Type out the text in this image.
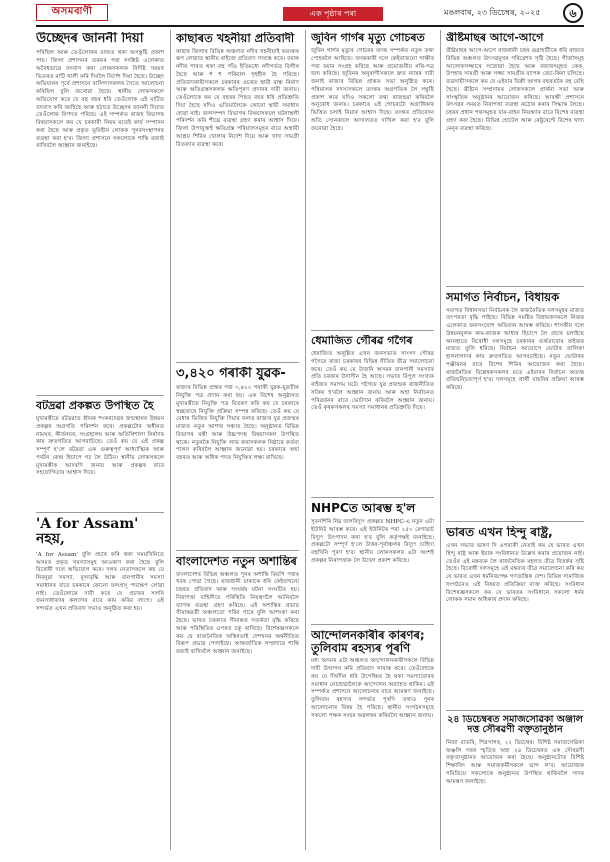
অসমবাণী	এক পৃষ্ঠাৰ পৰা	মঙলবাৰ, ২৩ ডিচেম্বৰ, ২০২৫	৬
উচ্ছেদৰ জাননী দিয়া
পৰিছিল আৰু তেওঁলোকৰ মাজত থকা অসন্তুষ্টি প্ৰকাশ পায়। জিলা প্ৰশাসনৰ তৰফৰ পৰা সংশ্লিষ্ট এলেকাত অবৈধভাৱে বসবাস কৰা লোকসকলক নিৰ্দিষ্ট সময়ৰ ভিতৰত মাটি খালী কৰি দিবলৈ নিৰ্দেশ দিয়া হৈছে। উচ্ছেদ অভিযানৰ পূৰ্বে প্ৰশাসনে বাসিন্দাসকলৰ সৈতে আলোচনা কৰিছিল বুলি জনোৱা হৈছে। স্থানীয় লোকসকলে অভিযোগ কৰে যে বহু বছৰ ধৰি তেওঁলোক এই মাটিত বসবাস কৰি আহিছে আৰু হঠাতে উচ্ছেদৰ জাননী দিয়াত তেওঁলোক বিপদত পৰিছে। এই সম্পৰ্কত ৰাজহ বিভাগৰ বিষয়াসকলে কয় যে চৰকাৰী নিয়ম মতেই কাৰ্য সম্পাদন কৰা হৈছে আৰু প্ৰকৃত ভূমিহীন লোকক পুনৰসংস্থাপনৰ ব্যৱস্থা কৰা হ'ব। জিলা প্ৰশাসনে সকলোকে শান্তি বজাই ৰাখিবলৈ আহ্বান জনাইছে।
বটদ্ৰৱা প্ৰকল্পত উপস্থিত হৈ
মুখ্যমন্ত্ৰীয়ে বটদ্ৰৱাত শ্ৰীমন্ত শংকৰদেৱৰ জন্মস্থানৰ উন্নয়ন প্ৰকল্পৰ অগ্ৰগতি পৰিদৰ্শন কৰে। প্ৰকল্পটোৰ অধীনত নামঘৰ, কীৰ্তনঘৰ, সংগ্ৰহালয় আৰু অতিথিশালা নিৰ্মাণৰ কাম দ্ৰুতগতিত আগবাঢ়িছে। তেওঁ কয় যে এই প্ৰকল্প সম্পূৰ্ণ হ'লে বটদ্ৰৱা এক গুৰুত্বপূৰ্ণ আধ্যাত্মিক আৰু পৰ্যটন কেন্দ্ৰ হিচাপে গঢ় লৈ উঠিব। স্থানীয় লোকসকলে মুখ্যমন্ত্ৰীক আদৰণি জনায় আৰু প্ৰকল্পৰ বাবে সহযোগিতাৰ আশ্বাস দিয়ে।
'A for Assam' নহয়,
'A for Assam' বুলি প্ৰচাৰ কৰি থকা সময়খিনিতে অসমৰ প্ৰকৃত সমস্যাসমূহ আওকাণ কৰা হৈছে বুলি বিৰোধী দলে অভিযোগ কৰে। দলৰ নেতাসকলে কয় যে নিবনুৱা সমস্যা, মূল্যবৃদ্ধি আৰু বানপানীৰ সমস্যা সমাধানৰ বাবে চৰকাৰে কোনো ফলপ্ৰসূ পদক্ষেপ লোৱা নাই। তেওঁলোকে দাবী কৰে যে প্ৰচাৰৰ সলনি জনসাধাৰণৰ কল্যাণৰ বাবে কাম কৰিব লাগে। এই সন্দৰ্ভত এখন প্ৰতিবাদ সভাও অনুষ্ঠিত কৰা হয়।
কাছাৰত খহনীয়া প্ৰতিবাদী
কাছাৰ জিলাৰ বিভিন্ন অঞ্চলত নদীৰ খহনীয়াই ভয়ংকৰ ৰূপ লোৱাত স্থানীয় ৰাইজে প্ৰতিবাদ সাব্যস্ত কৰে। বৰাক নদীৰ পাৰত থকা বহু গাঁও ইতিমধ্যে নদীগৰ্ভত বিলীন হৈছে আৰু শ শ পৰিয়াল গৃহহীন হৈ পৰিছে। প্ৰতিবাদকাৰীসকলে চৰকাৰৰ ওচৰত স্থায়ী বান্ধ নিৰ্মাণ আৰু ক্ষতিগ্ৰস্তসকলক ক্ষতিপূৰণ প্ৰদানৰ দাবী জনায়। তেওঁলোকে কয় যে বছৰৰ পিছত বছৰ ধৰি প্ৰতিশ্ৰুতি দিয়া হৈছে যদিও এতিয়ালৈকে কোনো স্থায়ী সমাধান হোৱা নাই। জলসম্পদ বিভাগৰ বিষয়াসকলে ঘটনাস্থলী পৰিদৰ্শন কৰি শীঘ্ৰে ব্যৱস্থা গ্ৰহণ কৰাৰ আশ্বাস দিয়ে। জিলা উপায়ুক্তই ক্ষতিগ্ৰস্ত পৰিয়ালসমূহৰ বাবে অস্থায়ী আশ্ৰয় শিবিৰ খোলাৰ নিৰ্দেশ দিয়ে আৰু খাদ্য সামগ্ৰী বিতৰণৰ ব্যৱস্থা কৰে।
৩,৪২০ গৰাকী যুৱক-
ৰাজ্যৰ বিভিন্ন প্ৰান্তৰ পৰা ৩,৪২০ গৰাকী যুৱক-যুৱতীক নিযুক্তি পত্ৰ প্ৰদান কৰা হয়। এক বিশেষ অনুষ্ঠানত মুখ্যমন্ত্ৰীয়ে নিযুক্তি পত্ৰ বিতৰণ কৰি কয় যে চৰকাৰে স্বচ্ছতাৰে নিযুক্তি প্ৰক্ৰিয়া সম্পন্ন কৰিছে। তেওঁ কয় যে মেধাৰ ভিত্তিত নিযুক্তি দিয়াৰ ফলত ৰাজ্যৰ যুৱ প্ৰজন্মৰ মাজত নতুন আশাৰ সঞ্চাৰ হৈছে। অনুষ্ঠানত বিভিন্ন বিভাগৰ মন্ত্ৰী আৰু উচ্চপদস্থ বিষয়াসকল উপস্থিত থাকে। নতুনকৈ নিযুক্তি লাভ কৰাসকলক নিষ্ঠাৰে কৰ্তব্য পালন কৰিবলৈ আহ্বান জনোৱা হয়। চৰকাৰে অহা বছৰত আৰু অধিক পদত নিযুক্তিৰ লক্ষ্য ৰাখিছে।
বাংলাদেশত নতুন অশান্তিৰ
বাংলাদেশৰ বিভিন্ন অঞ্চলত পুনৰ অশান্তি বিয়পি পৰাৰ খবৰ পোৱা গৈছে। ৰাজধানী ঢাকাকে ধৰি কেইবাখনো চহৰত প্ৰতিবাদ আৰু সংঘৰ্ষৰ ঘটনা সংঘটিত হয়। নিৰাপত্তা বাহিনীয়ে পৰিস্থিতি নিয়ন্ত্ৰণলৈ আনিবলৈ ব্যাপক ব্যৱস্থা গ্ৰহণ কৰিছে। এই অশান্তিৰ প্ৰভাৱ সীমান্তৱৰ্তী অঞ্চলতো পৰিব পাৰে বুলি আশংকা কৰা হৈছে। ভাৰত চৰকাৰে সীমান্তত সতৰ্কতা বৃদ্ধি কৰিছে আৰু পৰিস্থিতিৰ ওপৰত চকু ৰাখিছে। বিশেষজ্ঞসকলে কয় যে ৰাজনৈতিক অস্থিৰতাই দেশখনৰ অৰ্থনীতিত বিৰূপ প্ৰভাৱ পেলাইছে। আন্তৰ্জাতিক সম্প্ৰদায়ে শান্তি বজাই ৰাখিবলৈ আহ্বান জনাইছে।
জুবিন গাৰ্গৰ মৃত্যু গোচৰত
জুবিন গাৰ্গৰ মৃত্যুৰ গোচৰৰ তদন্ত সম্পৰ্কত নতুন তথ্য পোহৰলৈ আহিছে। তদন্তকাৰী দলে কেইবাজনো সাক্ষীৰ পৰা বয়ান সংগ্ৰহ কৰিছে আৰু প্ৰয়োজনীয় নথি-পত্ৰ জব্দ কৰিছে। জুবিনৰ অনুৰাগীসকলে দ্ৰুত ন্যায়ৰ দাবী জনাই ৰাজ্যৰ বিভিন্ন প্ৰান্তত সভা অনুষ্ঠিত কৰে। পৰিয়ালৰ সদস্যসকলে তদন্তৰ অগ্ৰগতিক লৈ সন্তুষ্টি প্ৰকাশ কৰে যদিও সকলো তথ্য ৰাজহুৱা কৰিবলৈ অনুৰোধ জনায়। চৰকাৰে এই গোচৰটো অগ্ৰাধিকাৰ ভিত্তিত চলাই নিয়াৰ আশ্বাস দিছে। তদন্তৰ প্ৰতিবেদন অতি সোনকালে আদালতত দাখিল কৰা হ'ব বুলি জনোৱা হৈছে।
ধেমাজিত গৌৰৱ গগৈৰ
ধেমাজিত অনুষ্ঠিত এখন জনসভাত সাংসদ গৌৰৱ গগৈয়ে ৰাজ্য চৰকাৰৰ বিভিন্ন নীতিৰ তীব্ৰ সমালোচনা কৰে। তেওঁ কয় যে উজনি অসমৰ বানপানী সমস্যাৰ প্ৰতি চৰকাৰ উদাসীন হৈ আছে। সভাত বিপুল সংখ্যক ৰাইজৰ সমাগম ঘটে। গগৈয়ে যুৱ প্ৰজন্মক ৰাজনীতিত সক্ৰিয় হ'বলৈ আহ্বান জনায় আৰু অহা নিৰ্বাচনত পৰিৱৰ্তনৰ বাবে ভোটদান কৰিবলৈ আহ্বান জনায়। তেওঁ কৃষকসকলৰ সমস্যা সমাধানৰ প্ৰতিশ্ৰুতি দিয়ে।
NHPCত আৰম্ভ হ'ল
সুবনশিৰি নিম্ন জলবিদ্যুৎ প্ৰকল্পত NHPC-এ নতুন এটা ইউনিট আৰম্ভ কৰে। এই ইউনিটৰ পৰা ২৫০ মেগাৱাট বিদ্যুৎ উৎপাদন কৰা হ'ব বুলি কৰ্তৃপক্ষই জনাইছে। প্ৰকল্পটো সম্পূৰ্ণ হ'লে উত্তৰ-পূৰ্বাঞ্চলৰ বিদ্যুৎ চাহিদা বহুখিনি পূৰণ হ'ব। স্থানীয় লোকসকলৰ এটা অংশই প্ৰকল্পৰ নিৰাপত্তাক লৈ উদ্বেগ প্ৰকাশ কৰিছে।
আন্দোলনকাৰীৰ কাৰণৰ; তুলিবাম ৰহস্যৰ পূৰণি
মধ্য অসমৰ এটা অঞ্চলত আন্দোলনকাৰীসকলে বিভিন্ন দাবী উত্থাপন কৰি প্ৰতিবাদ সাব্যস্ত কৰে। তেওঁলোকে কয় যে দীৰ্ঘদিন ধৰি উপেক্ষিত হৈ থকা সমস্যাবোৰৰ সমাধান নোহোৱালৈকে আন্দোলন অব্যাহত থাকিব। এই সম্পৰ্কত প্ৰশাসনে আলোচনাৰ বাবে আমন্ত্ৰণ জনাইছে। তুলিবাম ৰহস্যৰ সন্দৰ্ভত পুৰণি তথ্যও পুনৰ আলোচনাৰ বিষয় হৈ পৰিছে। স্থানীয় সংগঠনসমূহে সকলো পক্ষক সংযম অৱলম্বন কৰিবলৈ আহ্বান জনায়।
খ্ৰীষ্টমাছৰ আগে-আগে
খ্ৰীষ্টমাছৰ আগে-আগে ৰাজধানী চহৰ গুৱাহাটীকে ধৰি ৰাজ্যৰ বিভিন্ন অঞ্চলত উৎসৱমুখৰ পৰিৱেশৰ সৃষ্টি হৈছে। গীৰ্জাসমূহ আলোকসজ্জাৰে সজোৱা হৈছে আৰু বজাৰসমূহত কেক, উপহাৰ সামগ্ৰী আৰু সজ্জা সামগ্ৰীৰ ব্যাপক বেচা-কিনা চলিছে। ব্যৱসায়ীসকলে কয় যে এইবাৰ বিক্ৰী আগৰ বছৰতকৈ বহু বেছি হৈছে। খ্ৰীষ্টান সম্প্ৰদায়ৰ লোকসকলে প্ৰাৰ্থনা সভা আৰু সাংস্কৃতিক অনুষ্ঠানৰ আয়োজন কৰিছে। আৰক্ষী প্ৰশাসনে উৎসৱৰ সময়ত নিৰাপত্তা ব্যৱস্থা কঠোৰ কৰাৰ সিদ্ধান্ত লৈছে। চহৰৰ প্ৰধান পথসমূহত যান-বাহন নিয়ন্ত্ৰণৰ বাবে বিশেষ ব্যৱস্থা গ্ৰহণ কৰা হৈছে। বিভিন্ন হোটেল আৰু ৰেষ্টুৰেণ্টে বিশেষ খাদ্য মেনুৰ ব্যৱস্থা কৰিছে।
সমাগত নিৰ্বাচন, বিধায়ক
সমাগত বিধানসভা নিৰ্বাচনক লৈ ৰাজনৈতিক দলসমূহৰ মাজত তৎপৰতা বৃদ্ধি পাইছে। বিভিন্ন সমষ্টিৰ বিধায়কসকলে নিজৰ এলেকাত জনসংযোগ অভিযান আৰম্ভ কৰিছে। শাসকীয় দলে উন্নয়নমূলক কাম-কাজক আধাৰ হিচাপে লৈ প্ৰচাৰ চলাইছে আনহাতে বিৰোধী দলসমূহে চৰকাৰৰ ব্যৰ্থতাবোৰ ৰাইজৰ মাজত তুলি ধৰিছে। নিৰ্বাচন আয়োগে ভোটাৰ তালিকা হালনাগাদৰ কাম দ্ৰুতগতিত আগবঢ়াইছে। নতুন ভোটাৰৰ পঞ্জীয়নৰ বাবে বিশেষ শিবিৰ আয়োজন কৰা হৈছে। ৰাজনৈতিক বিশ্লেষকসকলৰ মতে এইবাৰৰ নিৰ্বাচন অত্যন্ত প্ৰতিদ্বন্দ্বিতাপূৰ্ণ হ'ব। দলসমূহে প্ৰাৰ্থী বাছনিৰ প্ৰক্ৰিয়া আৰম্ভ কৰিছে।
ভাৰত এখন হিন্দু ৰাষ্ট্ৰ,
এখন সভাত ভাষণ দি এগৰাকী নেতাই কয় যে ভাৰত এখন হিন্দু ৰাষ্ট্ৰ আৰু ইয়াক সংবিধানত উল্লেখ কৰাৰ প্ৰয়োজন নাই। তেওঁৰ এই মন্তব্যক লৈ ৰাজনৈতিক মহলত তীব্ৰ বিতৰ্কৰ সৃষ্টি হৈছে। বিৰোধী দলসমূহে এই মন্তব্যৰ তীব্ৰ সমালোচনা কৰি কয় যে ভাৰত এখন ধৰ্মনিৰপেক্ষ গণতান্ত্ৰিক দেশ। বিভিন্ন সামাজিক সংগঠনেও এই বিষয়ত প্ৰতিক্ৰিয়া ব্যক্ত কৰিছে। সংবিধান বিশেষজ্ঞসকলে কয় যে ভাৰতৰ সংবিধানে সকলো ধৰ্মৰ লোকক সমান অধিকাৰ প্ৰদান কৰিছে।
২৪ ডিচেম্বৰত সমাজসেৱিকা অঞ্জলি দত্ত সৌৰৱণী বক্তৃতানুষ্ঠান
নিজা বাতৰি, শিৱসাগৰ, ২২ ডিচেম্বৰ। বিশিষ্ট সমাজসেৱিকা অঞ্জলি দত্তৰ স্মৃতিত অহা ২৪ ডিচেম্বৰত এক সৌৰৱণী বক্তৃতানুষ্ঠানৰ আয়োজন কৰা হৈছে। অনুষ্ঠানটোত বিশিষ্ট শিক্ষাবিদ আৰু সমাজকৰ্মীসকলে ভাগ ল'ব। আয়োজক সমিতিয়ে সকলোকে অনুষ্ঠানত উপস্থিত থাকিবলৈ সাদৰ আমন্ত্ৰণ জনাইছে।
